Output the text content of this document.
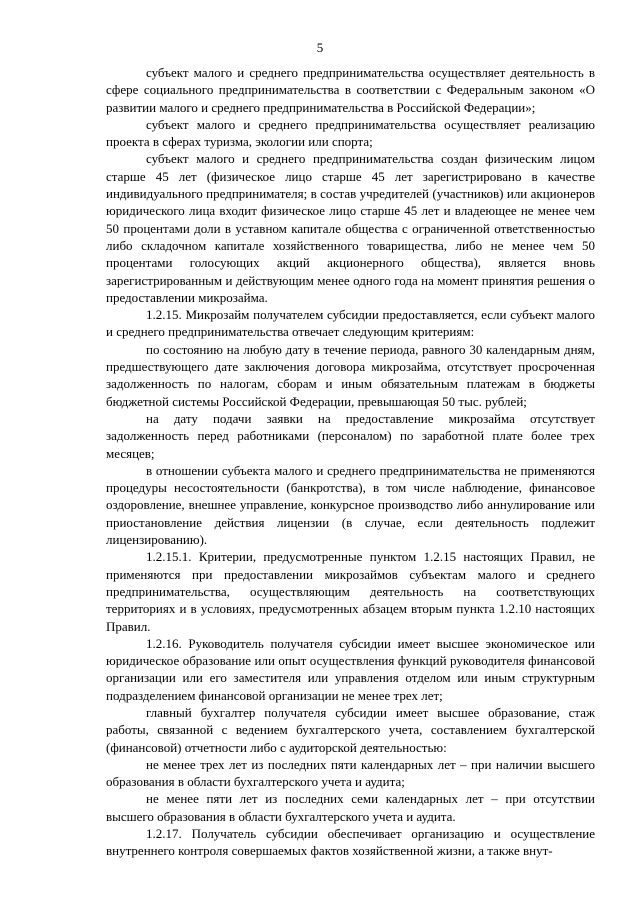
5

субъект малого и среднего предпринимательства осуществляет деятельность в сфере социального предпринимательства в соответствии с Федеральным законом «О развитии малого и среднего предпринимательства в Российской Федерации»;

субъект малого и среднего предпринимательства осуществляет реализацию проекта в сферах туризма, экологии или спорта;

субъект малого и среднего предпринимательства создан физическим лицом старше 45 лет (физическое лицо старше 45 лет зарегистрировано в качестве индивидуального предпринимателя; в состав учредителей (участников) или акционеров юридического лица входит физическое лицо старше 45 лет и владеющее не менее чем 50 процентами доли в уставном капитале общества с ограниченной ответственностью либо складочном капитале хозяйственного товарищества, либо не менее чем 50 процентами голосующих акций акционерного общества), является вновь зарегистрированным и действующим менее одного года на момент принятия решения о предоставлении микрозайма.

1.2.15. Микрозайм получателем субсидии предоставляется, если субъект малого и среднего предпринимательства отвечает следующим критериям:

по состоянию на любую дату в течение периода, равного 30 календарным дням, предшествующего дате заключения договора микрозайма, отсутствует просроченная задолженность по налогам, сборам и иным обязательным платежам в бюджеты бюджетной системы Российской Федерации, превышающая 50 тыс. рублей;

на дату подачи заявки на предоставление микрозайма отсутствует задолженность перед работниками (персоналом) по заработной плате более трех месяцев;

в отношении субъекта малого и среднего предпринимательства не применяются процедуры несостоятельности (банкротства), в том числе наблюдение, финансовое оздоровление, внешнее управление, конкурсное производство либо аннулирование или приостановление действия лицензии (в случае, если деятельность подлежит лицензированию).

1.2.15.1. Критерии, предусмотренные пунктом 1.2.15 настоящих Правил, не применяются при предоставлении микрозаймов субъектам малого и среднего предпринимательства, осуществляющим деятельность на соответствующих территориях и в условиях, предусмотренных абзацем вторым пункта 1.2.10 настоящих Правил.

1.2.16. Руководитель получателя субсидии имеет высшее экономическое или юридическое образование или опыт осуществления функций руководителя финансовой организации или его заместителя или управления отделом или иным структурным подразделением финансовой организации не менее трех лет;

главный бухгалтер получателя субсидии имеет высшее образование, стаж работы, связанной с ведением бухгалтерского учета, составлением бухгалтерской (финансовой) отчетности либо с аудиторской деятельностью:

не менее трех лет из последних пяти календарных лет – при наличии высшего образования в области бухгалтерского учета и аудита;

не менее пяти лет из последних семи календарных лет – при отсутствии высшего образования в области бухгалтерского учета и аудита.

1.2.17. Получатель субсидии обеспечивает организацию и осуществление внутреннего контроля совершаемых фактов хозяйственной жизни, а также внут-
